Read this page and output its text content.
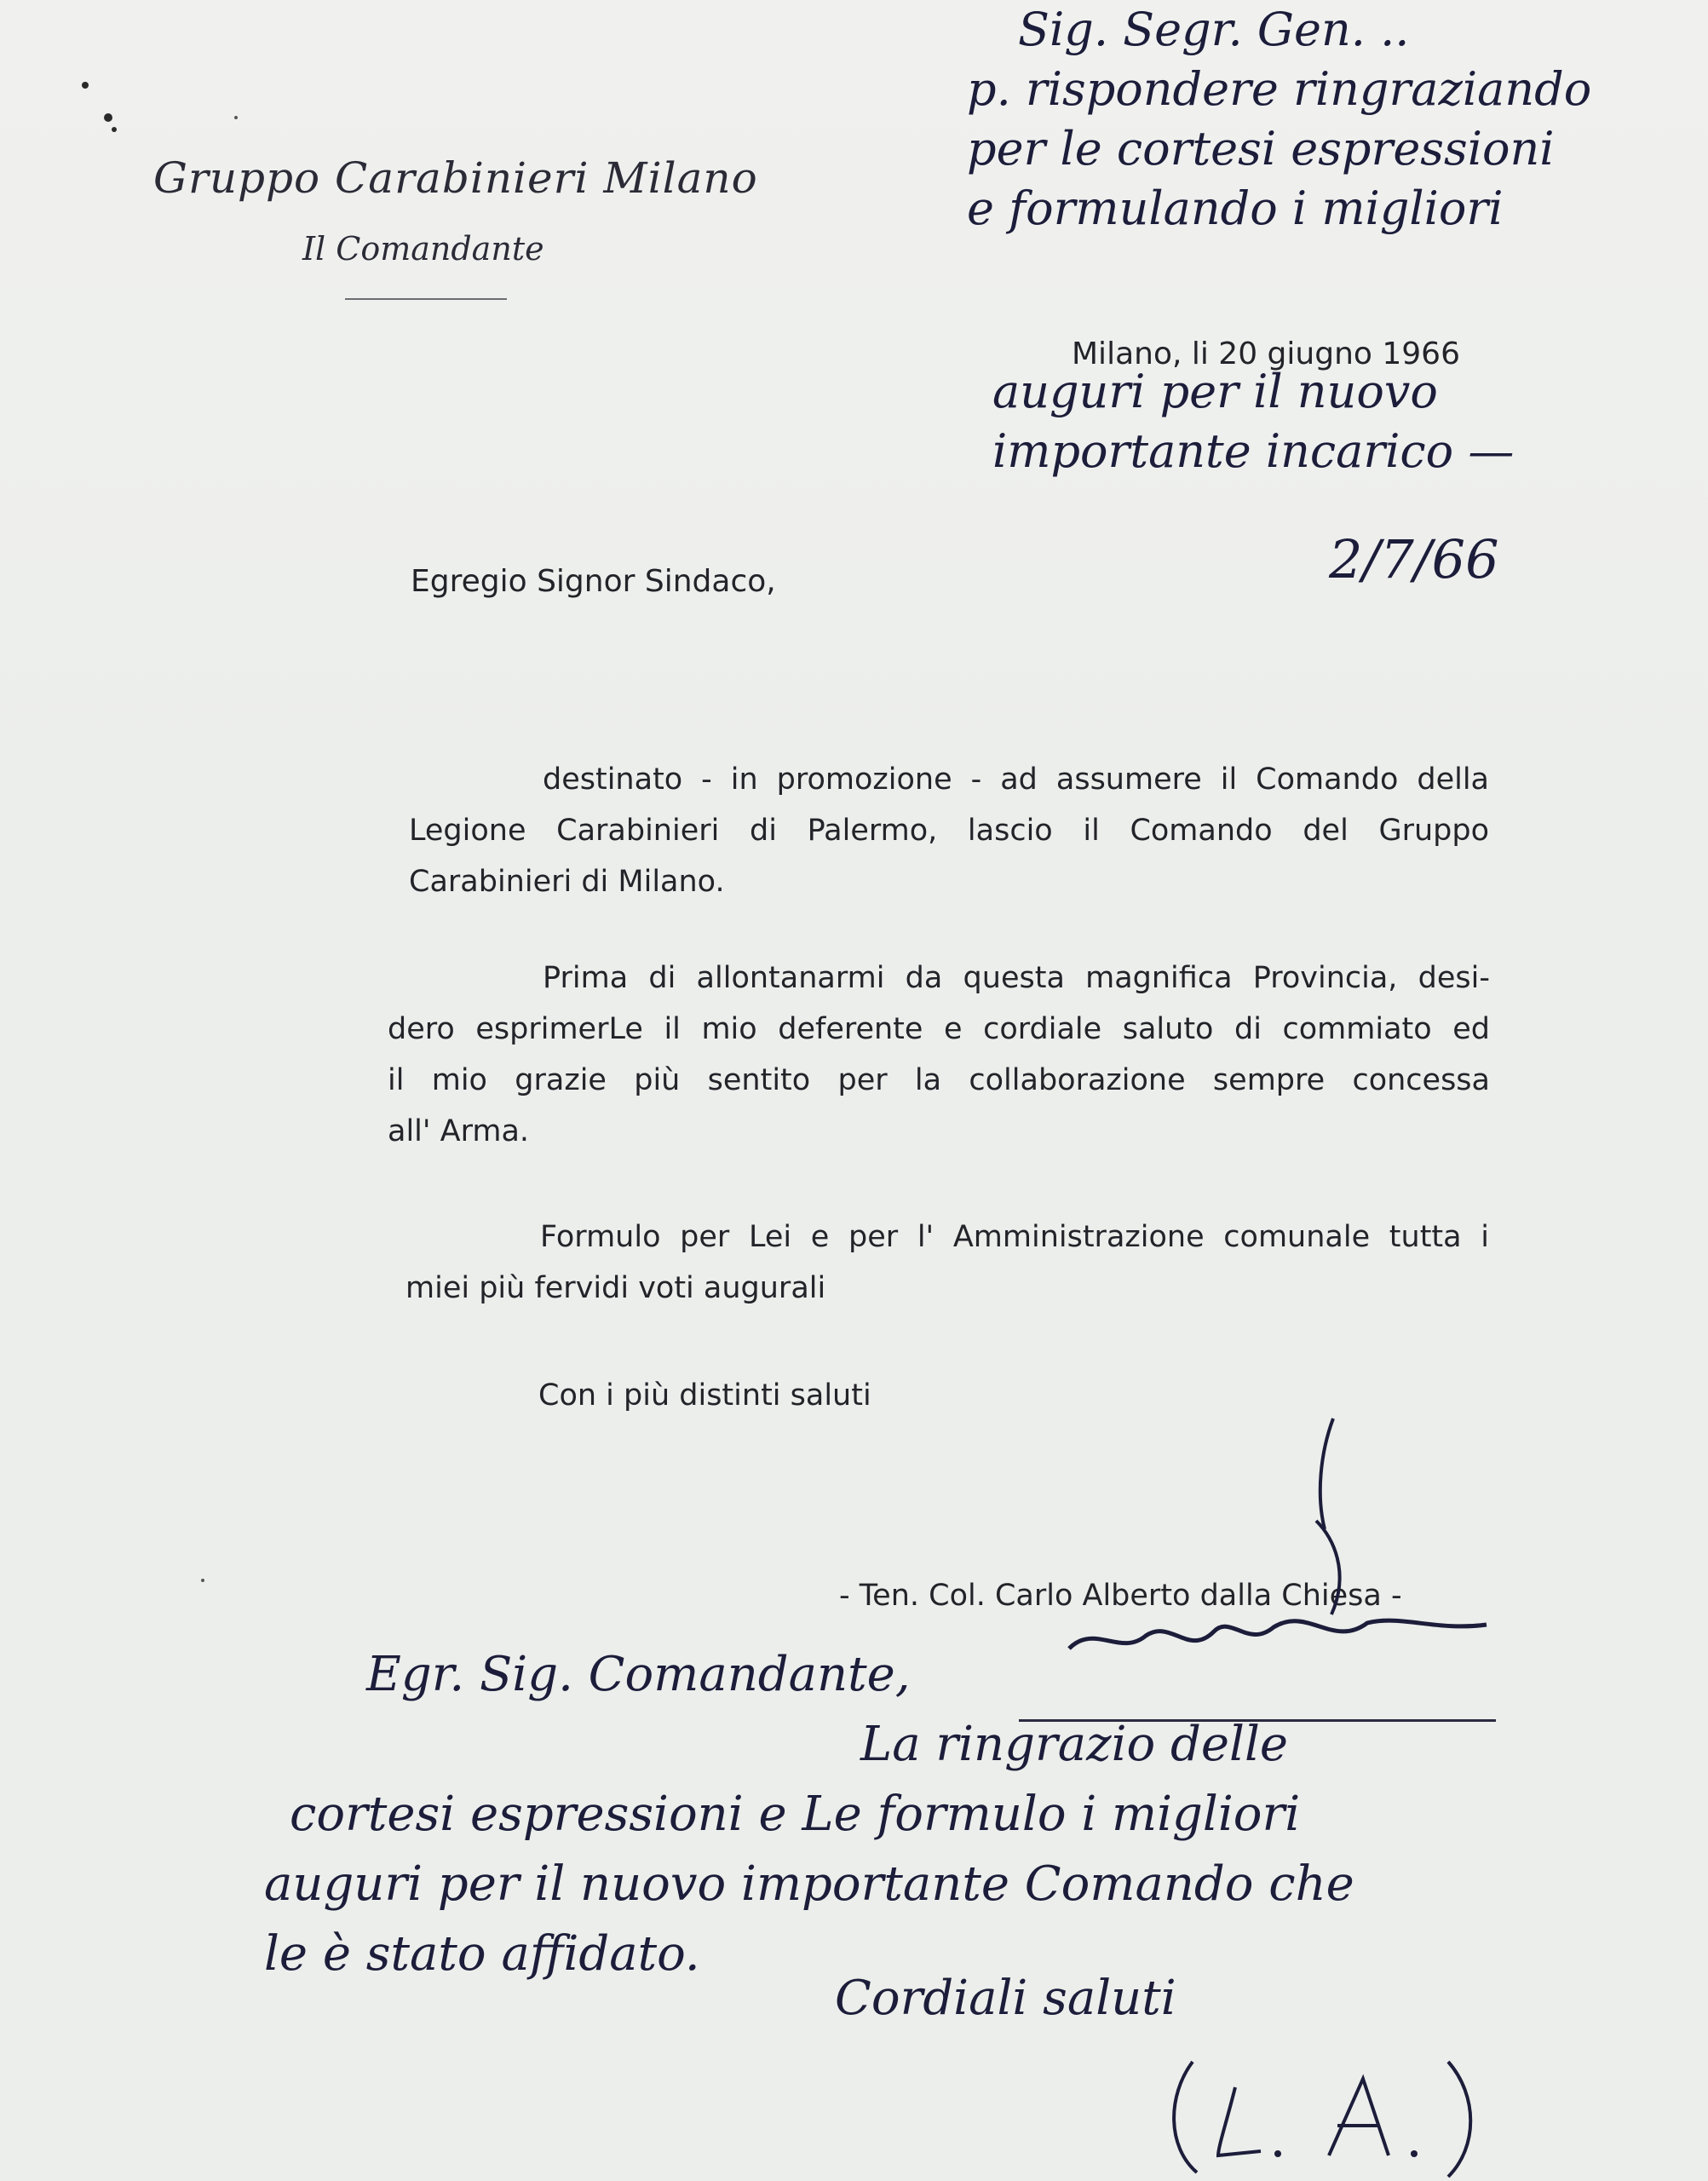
Gruppo Carabinieri Milano
Il Comandante
Milano, li 20 giugno 1966
Egregio Signor Sindaco,
destinato - in promozione - ad assumere il Comando della
Legione Carabinieri di Palermo, lascio il Comando del Gruppo
Carabinieri di Milano.
Prima di allontanarmi da questa magnifica Provincia, desi-
dero esprimerLe il mio deferente e cordiale saluto di commiato ed
il mio grazie più sentito per la collaborazione sempre concessa
all' Arma.
Formulo per Lei e per l' Amministrazione comunale tutta i
miei più fervidi voti augurali
Con i più distinti saluti
- Ten. Col. Carlo Alberto dalla Chiesa -
Sig. Segr. Gen. ..
p. rispondere ringraziando
per le cortesi espressioni
e formulando i migliori
auguri per il nuovo
importante incarico —
2/7/66
Egr. Sig. Comandante,
La ringrazio delle
cortesi espressioni e Le formulo i migliori
auguri per il nuovo importante Comando che
le è stato affidato.
Cordiali saluti
